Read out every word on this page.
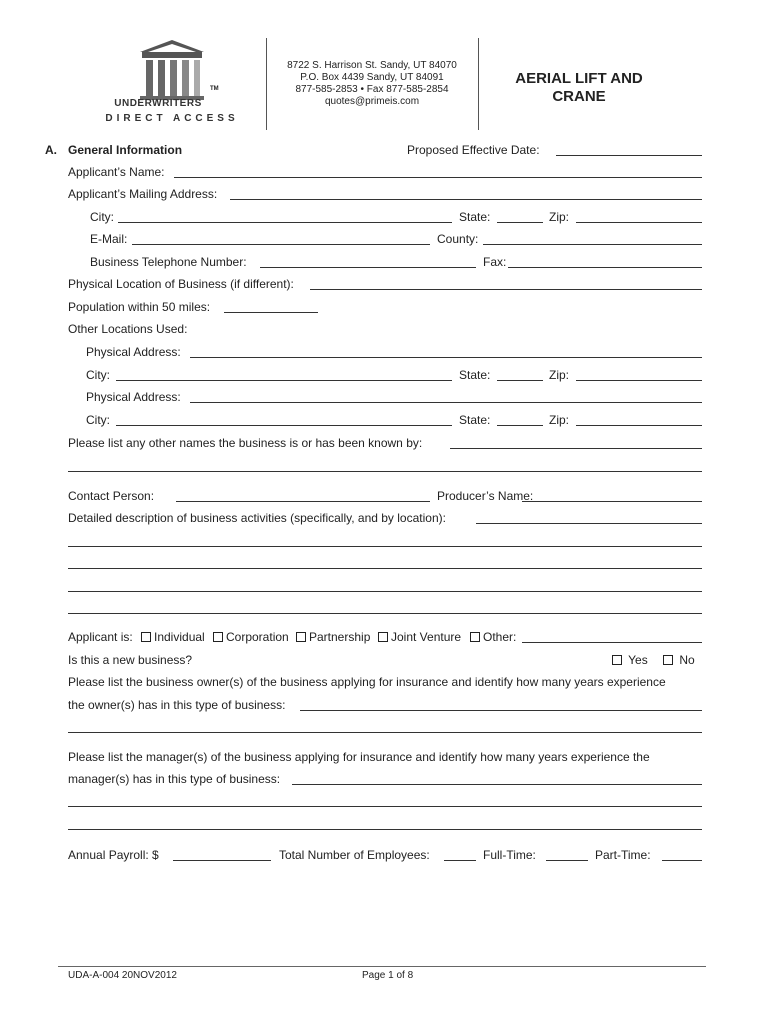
TM
UNDERWRITERS
DIRECT ACCESS
8722 S. Harrison St. Sandy, UT 84070
P.O. Box 4439 Sandy, UT 84091
877-585-2853 • Fax 877-585-2854
quotes@primeis.com
AERIAL LIFT AND
CRANE
A. General Information	Proposed Effective Date:
Applicant’s Name:
Applicant’s Mailing Address:
City:	State:	Zip:
E-Mail:	County:
Business Telephone Number:	Fax:
Physical Location of Business (if different):
Population within 50 miles:
Other Locations Used:
Physical Address:
City:	State:	Zip:
Physical Address:
City:	State:	Zip:
Please list any other names the business is or has been known by:
Contact Person:	Producer’s Name:
Detailed description of business activities (specifically, and by location):
Applicant is:	Individual	Corporation	Partnership	Joint Venture	Other:
Is this a new business?	Yes	No
Please list the business owner(s) of the business applying for insurance and identify how many years experience
the owner(s) has in this type of business:
Please list the manager(s) of the business applying for insurance and identify how many years experience the
manager(s) has in this type of business:
Annual Payroll: $	Total Number of Employees:	Full-Time:	Part-Time:
UDA-A-004 20NOV2012	Page 1 of 8
